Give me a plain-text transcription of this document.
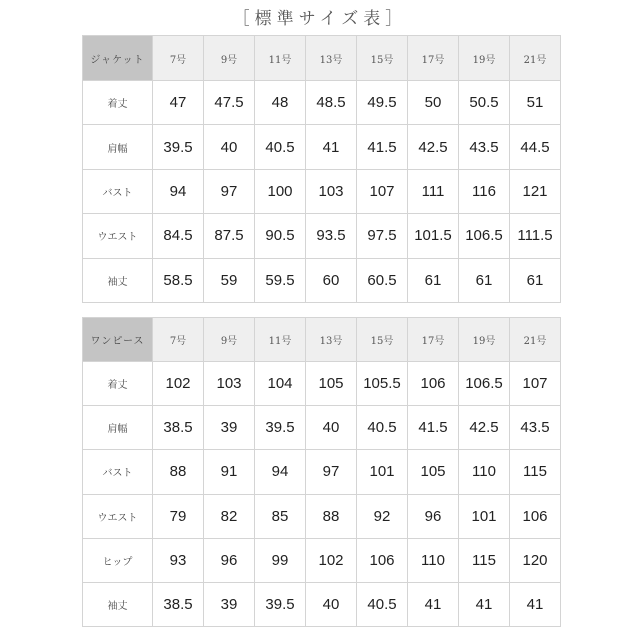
［標準サイズ表］
ジャケット	7号	9号	11号	13号	15号	17号	19号	21号
着丈	47	47.5	48	48.5	49.5	50	50.5	51
肩幅	39.5	40	40.5	41	41.5	42.5	43.5	44.5
バスト	94	97	100	103	107	111	116	121
ウエスト	84.5	87.5	90.5	93.5	97.5	101.5	106.5	111.5
袖丈	58.5	59	59.5	60	60.5	61	61	61
ワンピース	7号	9号	11号	13号	15号	17号	19号	21号
着丈	102	103	104	105	105.5	106	106.5	107
肩幅	38.5	39	39.5	40	40.5	41.5	42.5	43.5
バスト	88	91	94	97	101	105	110	115
ウエスト	79	82	85	88	92	96	101	106
ヒップ	93	96	99	102	106	110	115	120
袖丈	38.5	39	39.5	40	40.5	41	41	41
